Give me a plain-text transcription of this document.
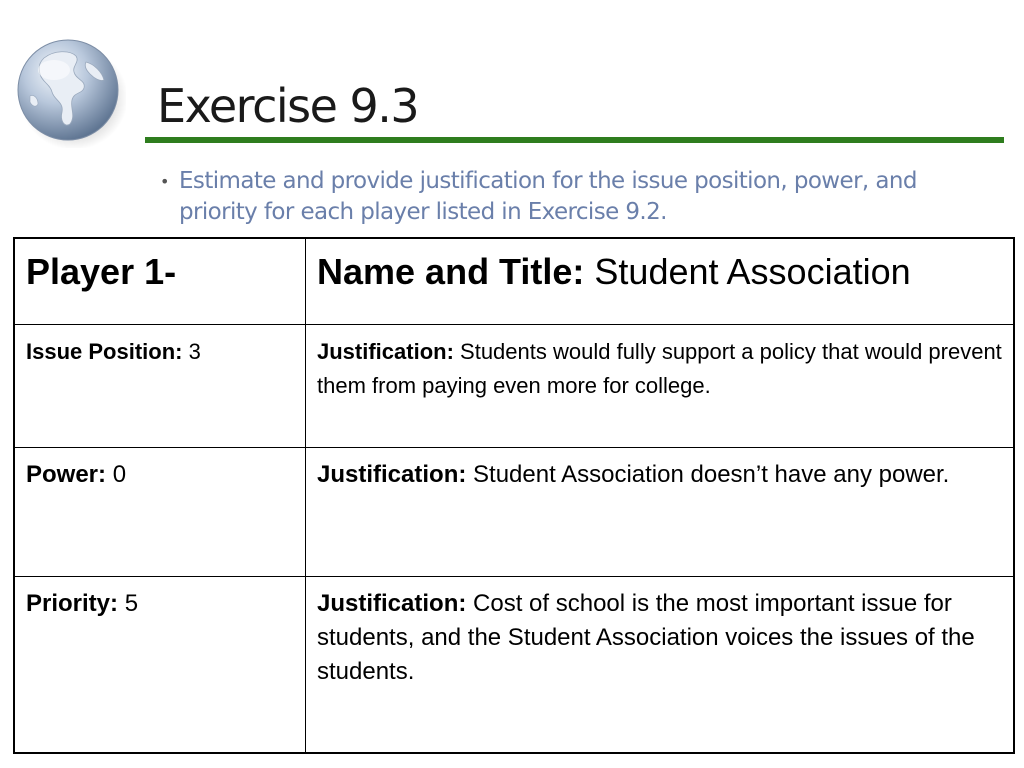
Exercise 9.3
• Estimate and provide justification for the issue position, power, and priority for each player listed in Exercise 9.2.
Player 1-	Name and Title: Student Association

Issue Position: 3	Justification: Students would fully support a policy that would prevent them from paying even more for college.

Power: 0	Justification: Student Association doesn’t have any power.

Priority: 5	Justification: Cost of school is the most important issue for students, and the Student Association voices the issues of the students.
